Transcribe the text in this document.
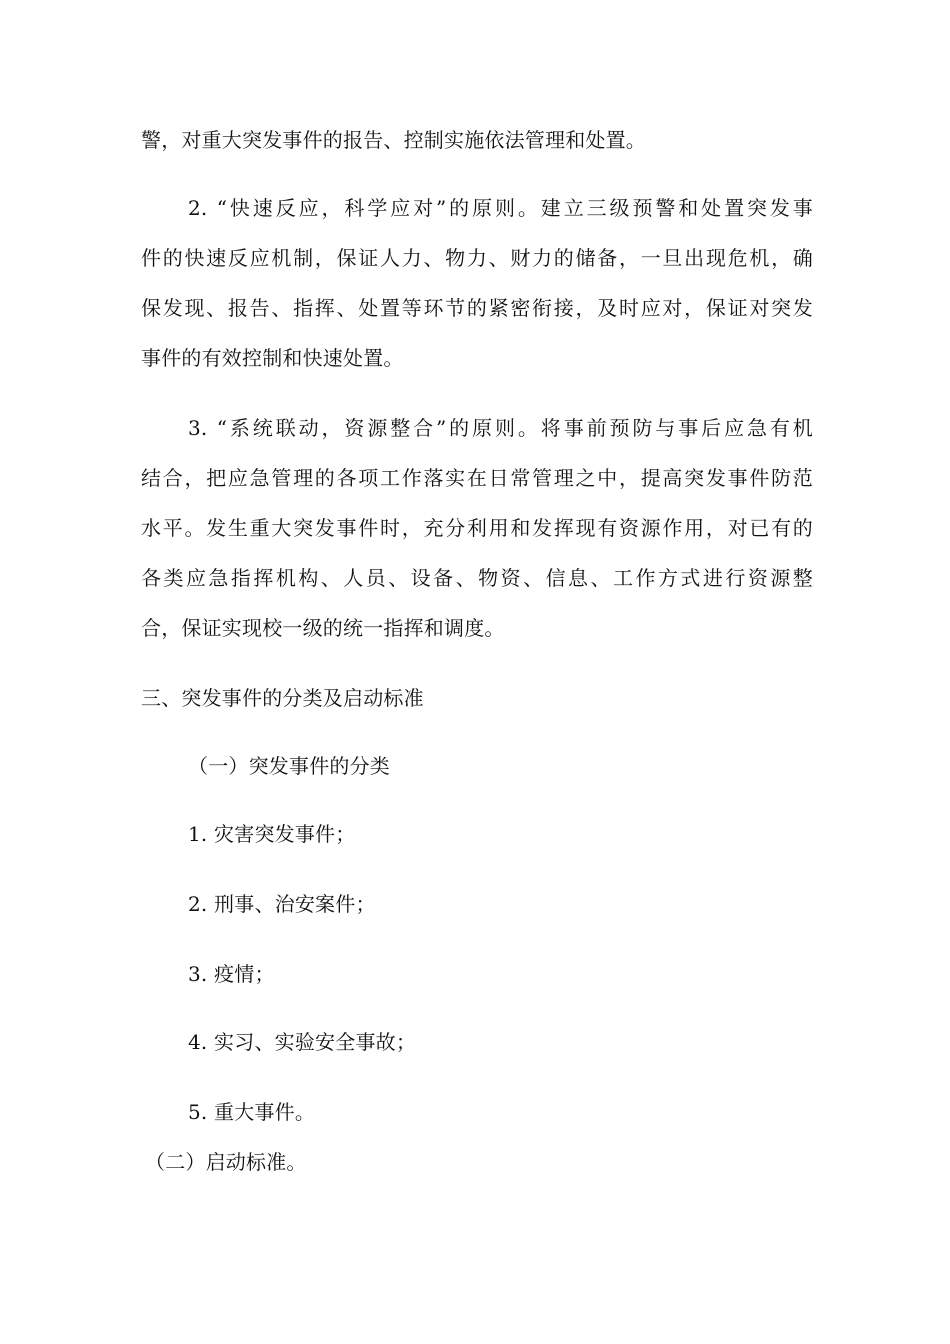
警，对重大突发事件的报告、控制实施依法管理和处置。
2. “快速反应，科学应对”的原则。建立三级预警和处置突发事
件的快速反应机制，保证人力、物力、财力的储备，一旦出现危机，确
保发现、报告、指挥、处置等环节的紧密衔接，及时应对，保证对突发
事件的有效控制和快速处置。
3. “系统联动，资源整合”的原则。将事前预防与事后应急有机
结合，把应急管理的各项工作落实在日常管理之中，提高突发事件防范
水平。发生重大突发事件时，充分利用和发挥现有资源作用，对已有的
各类应急指挥机构、人员、设备、物资、信息、工作方式进行资源整
合，保证实现校一级的统一指挥和调度。
三、突发事件的分类及启动标准
（一）突发事件的分类
1. 灾害突发事件；
2. 刑事、治安案件；
3. 疫情；
4. 实习、实验安全事故；
5. 重大事件。
（二）启动标准。
